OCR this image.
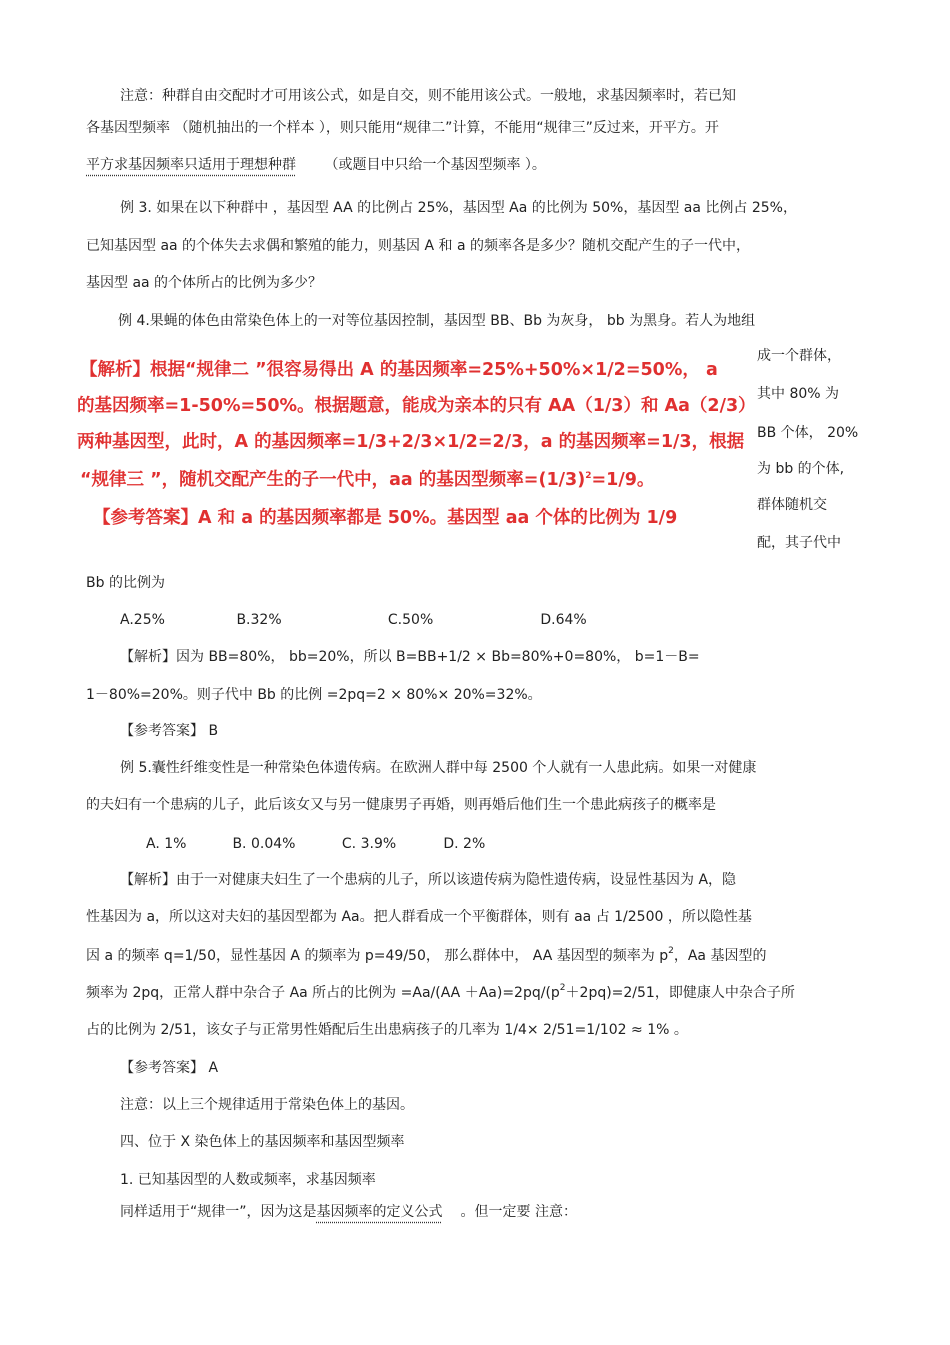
注意：种群自由交配时才可用该公式，如是自交，则不能用该公式。一般地，求基因频率时，若已知
各基因型频率 （随机抽出的一个样本 ），则只能用“规律二”计算，不能用“规律三”反过来，开平方。开
平方求基因频率只适用于理想种群 （或题目中只给一个基因型频率 ）。
例 3. 如果在以下种群中 ，基因型 AA 的比例占 25%，基因型 Aa 的比例为 50%，基因型 aa 比例占 25%，
已知基因型 aa 的个体失去求偶和繁殖的能力，则基因 A 和 a 的频率各是多少？随机交配产生的子一代中，
基因型 aa 的个体所占的比例为多少？
例 4.果蝇的体色由常染色体上的一对等位基因控制，基因型 BB、Bb 为灰身， bb 为黑身。若人为地组
【解析】根据“规律二 ”很容易得出 A 的基因频率=25%+50%×1/2=50%， a
的基因频率=1-50%=50%。根据题意，能成为亲本的只有 AA（1/3）和 Aa（2/3）
两种基因型，此时，A 的基因频率=1/3+2/3×1/2=2/3，a 的基因频率=1/3，根据
“规律三 ”，随机交配产生的子一代中，aa 的基因型频率$=(1/3)^2=1/9$。
【参考答案】A 和 a 的基因频率都是 50%。基因型 aa 个体的比例为 1/9
成一个群体，
其中 80% 为
BB 个体， 20%
为 bb 的个体,
群体随机交
配，其子代中
Bb 的比例为
A.25%	B.32%	C.50%	D.64%
【解析】因为 BB=80%， bb=20%，所以 B=BB+1/2 × Bb=80%+0=80%， b=1－B=
1－80%=20%。则子代中 Bb 的比例 =2pq=2 × 80%× 20%=32%。
【参考答案】 B
例 5.囊性纤维变性是一种常染色体遗传病。在欧洲人群中每 2500 个人就有一人患此病。如果一对健康
的夫妇有一个患病的儿子，此后该女又与另一健康男子再婚，则再婚后他们生一个患此病孩子的概率是
A. 1%	B. 0.04%	C. 3.9%	D. 2%
【解析】由于一对健康夫妇生了一个患病的儿子，所以该遗传病为隐性遗传病，设显性基因为 A，隐
性基因为 a，所以这对夫妇的基因型都为 Aa。把人群看成一个平衡群体，则有 aa 占 1/2500 ，所以隐性基
因 a 的频率 q=1/50，显性基因 A 的频率为 p=49/50， 那么群体中， AA 基因型的频率为 $p^2$，Aa 基因型的
频率为 2pq，正常人群中杂合子 Aa 所占的比例为 $=Aa/(AA +Aa)=2pq/(p^2+2pq)=2/51$，即健康人中杂合子所
占的比例为 2/51，该女子与正常男性婚配后生出患病孩子的几率为 1/4× 2/51=1/102 ≈ 1% 。
【参考答案】 A
注意：以上三个规律适用于常染色体上的基因。
四、位于 X 染色体上的基因频率和基因型频率
1. 已知基因型的人数或频率，求基因频率
同样适用于“规律一”，因为这是基因频率的定义公式 。但一定要 注意：
